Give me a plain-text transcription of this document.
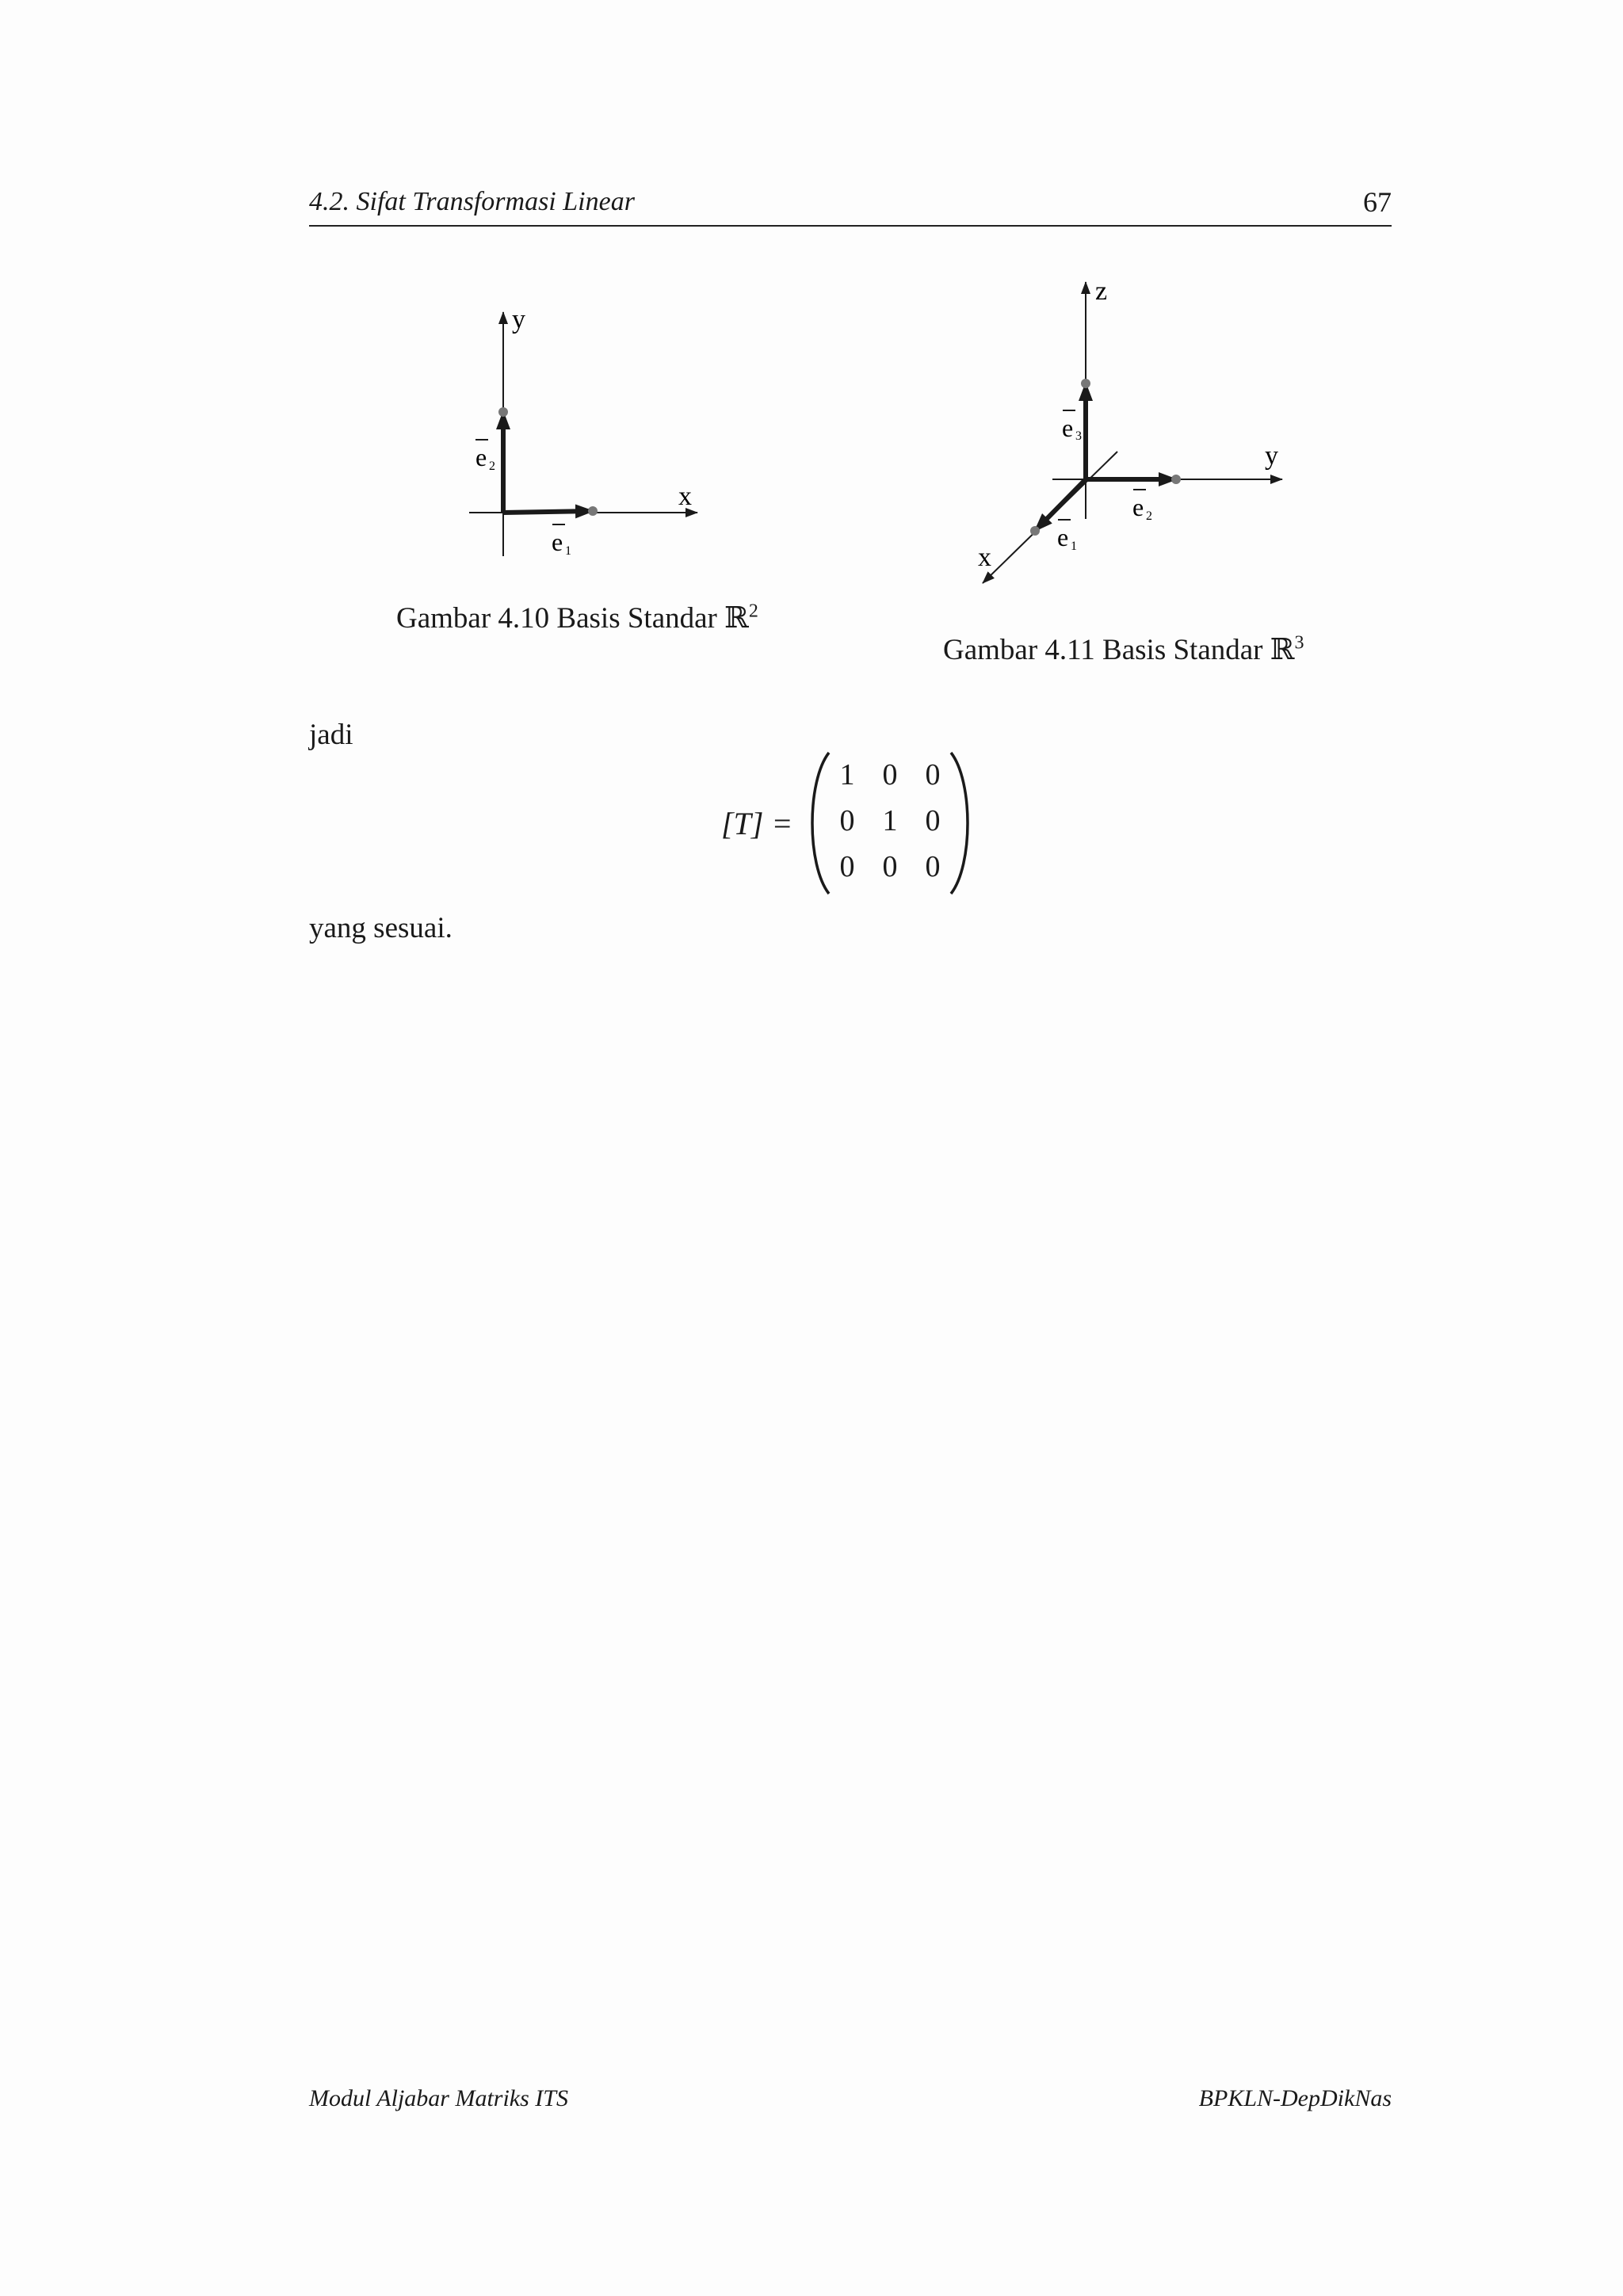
4.2. Sifat Transformasi Linear	67
y
x
e 2
e 1
Gambar 4.10 Basis Standar ℝ$^2$
z
y
x
e 3
e 2
e 1
Gambar 4.11 Basis Standar ℝ$^3$
jadi
[T] =
1 0 0
0 1 0
0 0 0
yang sesuai.
Modul Aljabar Matriks ITS	BPKLN-DepDikNas
